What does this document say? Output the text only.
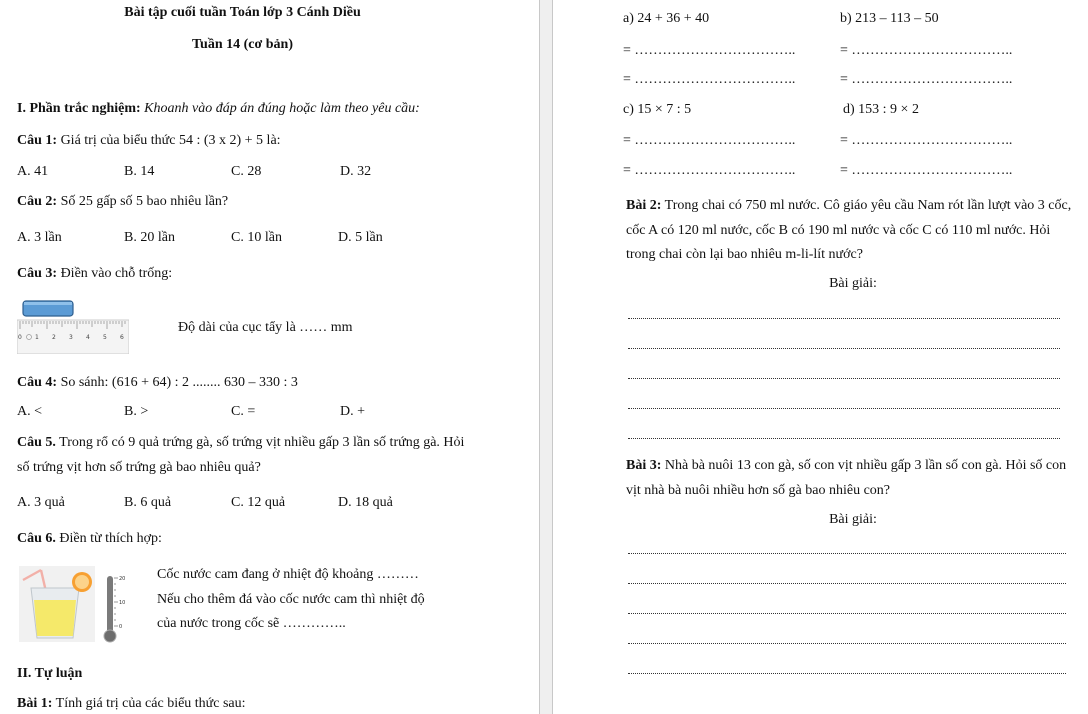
Bài tập cuối tuần Toán lớp 3 Cánh Diều
Tuần 14 (cơ bản)
I. Phần trắc nghiệm: Khoanh vào đáp án đúng hoặc làm theo yêu cầu:
Câu 1: Giá trị của biểu thức 54 : (3 x 2) + 5 là:
A. 41	B. 14	C. 28	D. 32
Câu 2: Số 25 gấp số 5 bao nhiêu lần?
A. 3 lần	B. 20 lần	C. 10 lần	D. 5 lần
Câu 3: Điền vào chỗ trống:
0 1 2 3 4 5 6
Độ dài của cục tẩy là …… mm
Câu 4: So sánh: (616 + 64) : 2 ........ 630 – 330 : 3
A. <	B. >	C. =	D. +
Câu 5. Trong rổ có 9 quả trứng gà, số trứng vịt nhiều gấp 3 lần số trứng gà. Hỏi
số trứng vịt hơn số trứng gà bao nhiêu quả?
A. 3 quả	B. 6 quả	C. 12 quả	D. 18 quả
Câu 6. Điền từ thích hợp:
20
10
0
Cốc nước cam đang ở nhiệt độ khoảng ………
Nếu cho thêm đá vào cốc nước cam thì nhiệt độ
của nước trong cốc sẽ …………..
II. Tự luận
Bài 1: Tính giá trị của các biểu thức sau:
a) 24 + 36 + 40	b) 213 – 113 – 50
= ……………………………..	= ……………………………..
= ……………………………..	= ……………………………..
c) 15 × 7 : 5	d) 153 : 9 × 2
= ……………………………..	= ……………………………..
= ……………………………..	= ……………………………..
Bài 2: Trong chai có 750 ml nước. Cô giáo yêu cầu Nam rót lần lượt vào 3 cốc,
cốc A có 120 ml nước, cốc B có 190 ml nước và cốc C có 110 ml nước. Hỏi
trong chai còn lại bao nhiêu m-li-lít nước?
Bài giải:
Bài 3: Nhà bà nuôi 13 con gà, số con vịt nhiều gấp 3 lần số con gà. Hỏi số con
vịt nhà bà nuôi nhiều hơn số gà bao nhiêu con?
Bài giải:
